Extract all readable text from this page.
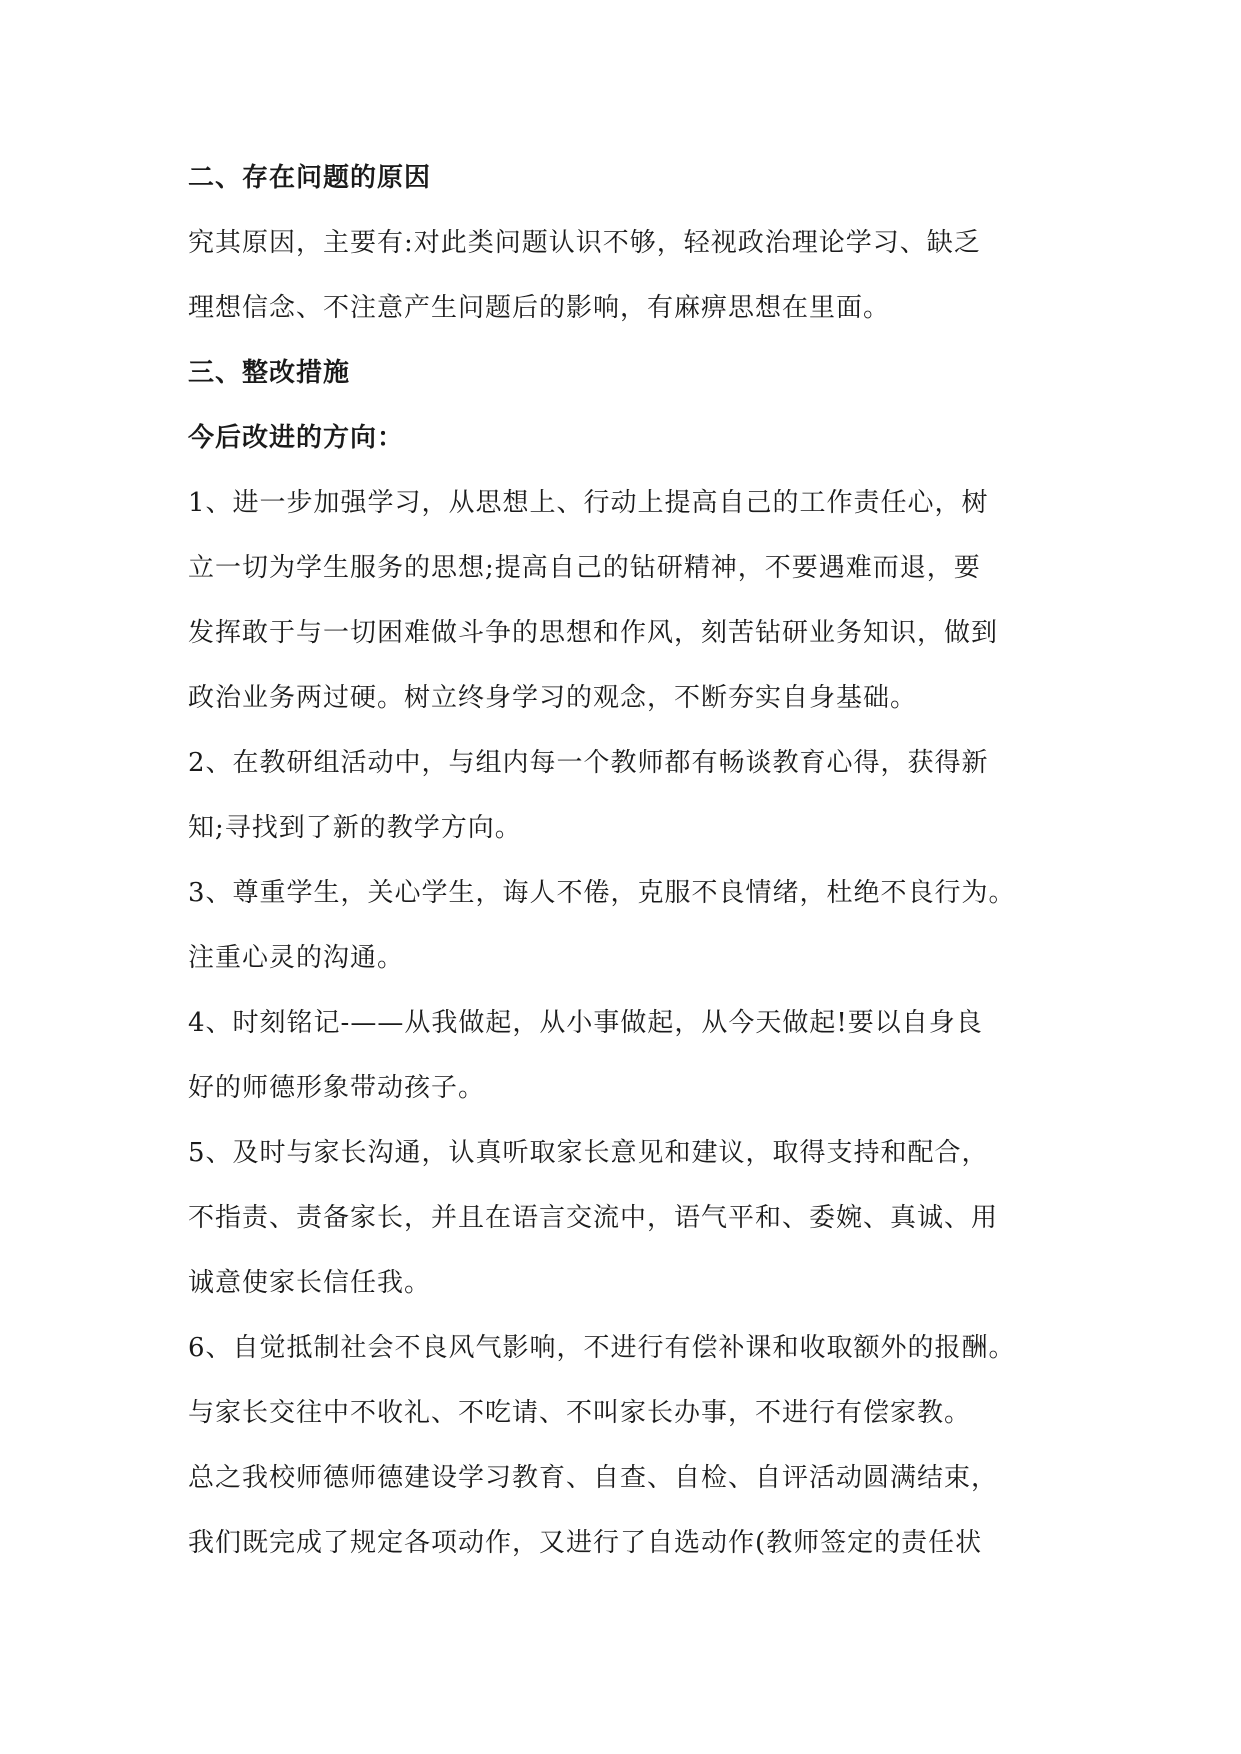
二、存在问题的原因
究其原因，主要有:对此类问题认识不够，轻视政治理论学习、缺乏
理想信念、不注意产生问题后的影响，有麻痹思想在里面。
三、整改措施
今后改进的方向：
1、进一步加强学习，从思想上、行动上提高自己的工作责任心，树
立一切为学生服务的思想;提高自己的钻研精神，不要遇难而退，要
发挥敢于与一切困难做斗争的思想和作风，刻苦钻研业务知识，做到
政治业务两过硬。树立终身学习的观念，不断夯实自身基础。
2、在教研组活动中，与组内每一个教师都有畅谈教育心得，获得新
知;寻找到了新的教学方向。
3、尊重学生，关心学生，诲人不倦，克服不良情绪，杜绝不良行为。
注重心灵的沟通。
4、时刻铭记-——从我做起，从小事做起，从今天做起!要以自身良
好的师德形象带动孩子。
5、及时与家长沟通，认真听取家长意见和建议，取得支持和配合，
不指责、责备家长，并且在语言交流中，语气平和、委婉、真诚、用
诚意使家长信任我。
6、自觉抵制社会不良风气影响，不进行有偿补课和收取额外的报酬。
与家长交往中不收礼、不吃请、不叫家长办事，不进行有偿家教。
总之我校师德师德建设学习教育、自查、自检、自评活动圆满结束，
我们既完成了规定各项动作，又进行了自选动作(教师签定的责任状
